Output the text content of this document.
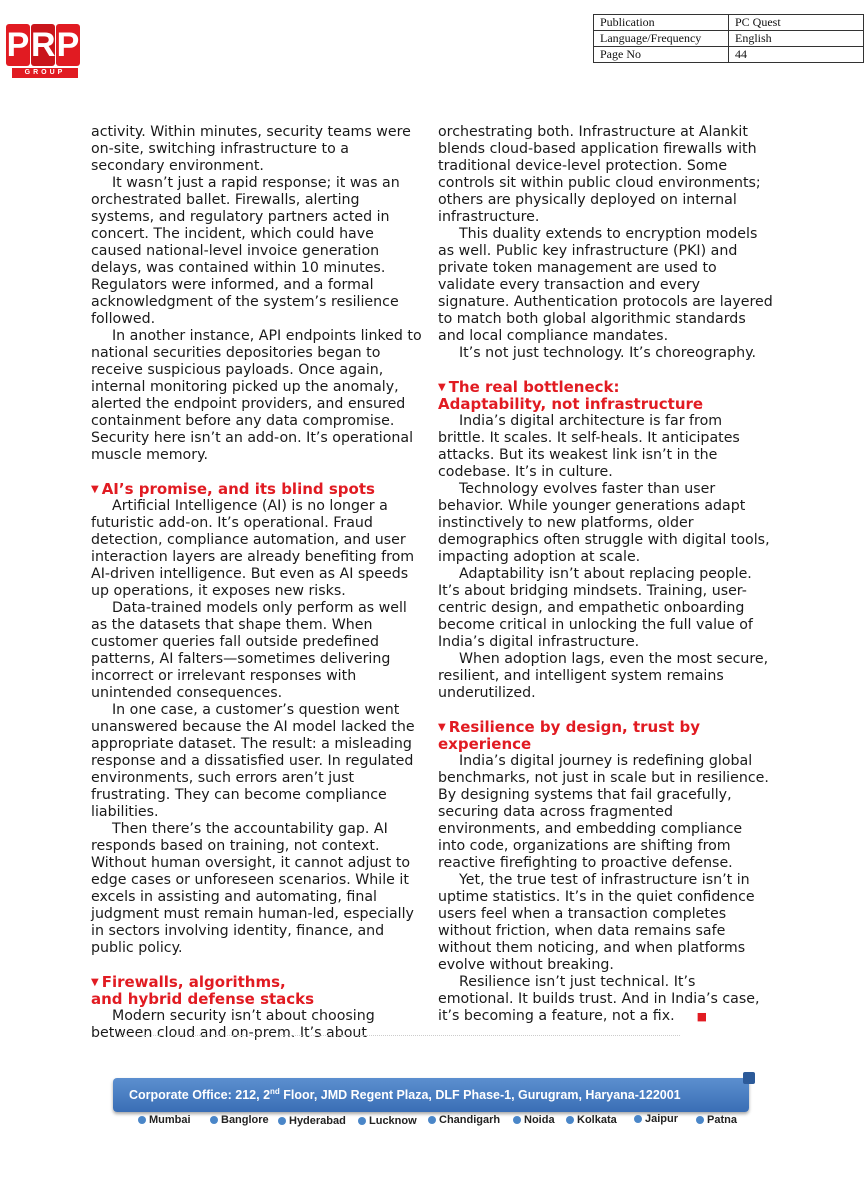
P R P
GROUP
Publication	PC Quest
Language/Frequency	English
Page No	44

activity. Within minutes, security teams were on-site, switching infrastructure to a secondary environment.

It wasn’t just a rapid response; it was an orchestrated ballet. Firewalls, alerting systems, and regulatory partners acted in concert. The incident, which could have caused national-level invoice generation delays, was contained within 10 minutes. Regulators were informed, and a formal acknowledgment of the system’s resilience followed.

In another instance, API endpoints linked to national securities depositories began to receive suspicious payloads. Once again, internal monitoring picked up the anomaly, alerted the endpoint providers, and ensured containment before any data compromise. Security here isn’t an add-on. It’s operational muscle memory.

▼ AI’s promise, and its blind spots

Artificial Intelligence (AI) is no longer a futuristic add-on. It’s operational. Fraud detection, compliance automation, and user interaction layers are already benefiting from AI-driven intelligence. But even as AI speeds up operations, it exposes new risks.

Data-trained models only perform as well as the datasets that shape them. When customer queries fall outside predefined patterns, AI falters—sometimes delivering incorrect or irrelevant responses with unintended consequences.

In one case, a customer’s question went unanswered because the AI model lacked the appropriate dataset. The result: a misleading response and a dissatisfied user. In regulated environments, such errors aren’t just frustrating. They can become compliance liabilities.

Then there’s the accountability gap. AI responds based on training, not context. Without human oversight, it cannot adjust to edge cases or unforeseen scenarios. While it excels in assisting and automating, final judgment must remain human-led, especially in sectors involving identity, finance, and public policy.

▼ Firewalls, algorithms,
and hybrid defense stacks

Modern security isn’t about choosing between cloud and on-prem. It’s about

orchestrating both. Infrastructure at Alankit blends cloud-based application firewalls with traditional device-level protection. Some controls sit within public cloud environments; others are physically deployed on internal infrastructure.

This duality extends to encryption models as well. Public key infrastructure (PKI) and private token management are used to validate every transaction and every signature. Authentication protocols are layered to match both global algorithmic standards and local compliance mandates.

It’s not just technology. It’s choreography.

▼ The real bottleneck:
Adaptability, not infrastructure

India’s digital architecture is far from brittle. It scales. It self-heals. It anticipates attacks. But its weakest link isn’t in the codebase. It’s in culture.

Technology evolves faster than user behavior. While younger generations adapt instinctively to new platforms, older demographics often struggle with digital tools, impacting adoption at scale.

Adaptability isn’t about replacing people. It’s about bridging mindsets. Training, user-centric design, and empathetic onboarding become critical in unlocking the full value of India’s digital infrastructure.

When adoption lags, even the most secure, resilient, and intelligent system remains underutilized.

▼ Resilience by design, trust by experience

India’s digital journey is redefining global benchmarks, not just in scale but in resilience. By designing systems that fail gracefully, securing data across fragmented environments, and embedding compliance into code, organizations are shifting from reactive firefighting to proactive defense.

Yet, the true test of infrastructure isn’t in uptime statistics. It’s in the quiet confidence users feel when a transaction completes without friction, when data remains safe without them noticing, and when platforms evolve without breaking.

Resilience isn’t just technical. It’s emotional. It builds trust. And in India’s case, it’s becoming a feature, not a fix. ■

Corporate Office: 212, 2nd Floor, JMD Regent Plaza, DLF Phase-1, Gurugram, Haryana-122001
Mumbai	Banglore	Hyderabad	Lucknow	Chandigarh	Noida	Kolkata	Jaipur	Patna
